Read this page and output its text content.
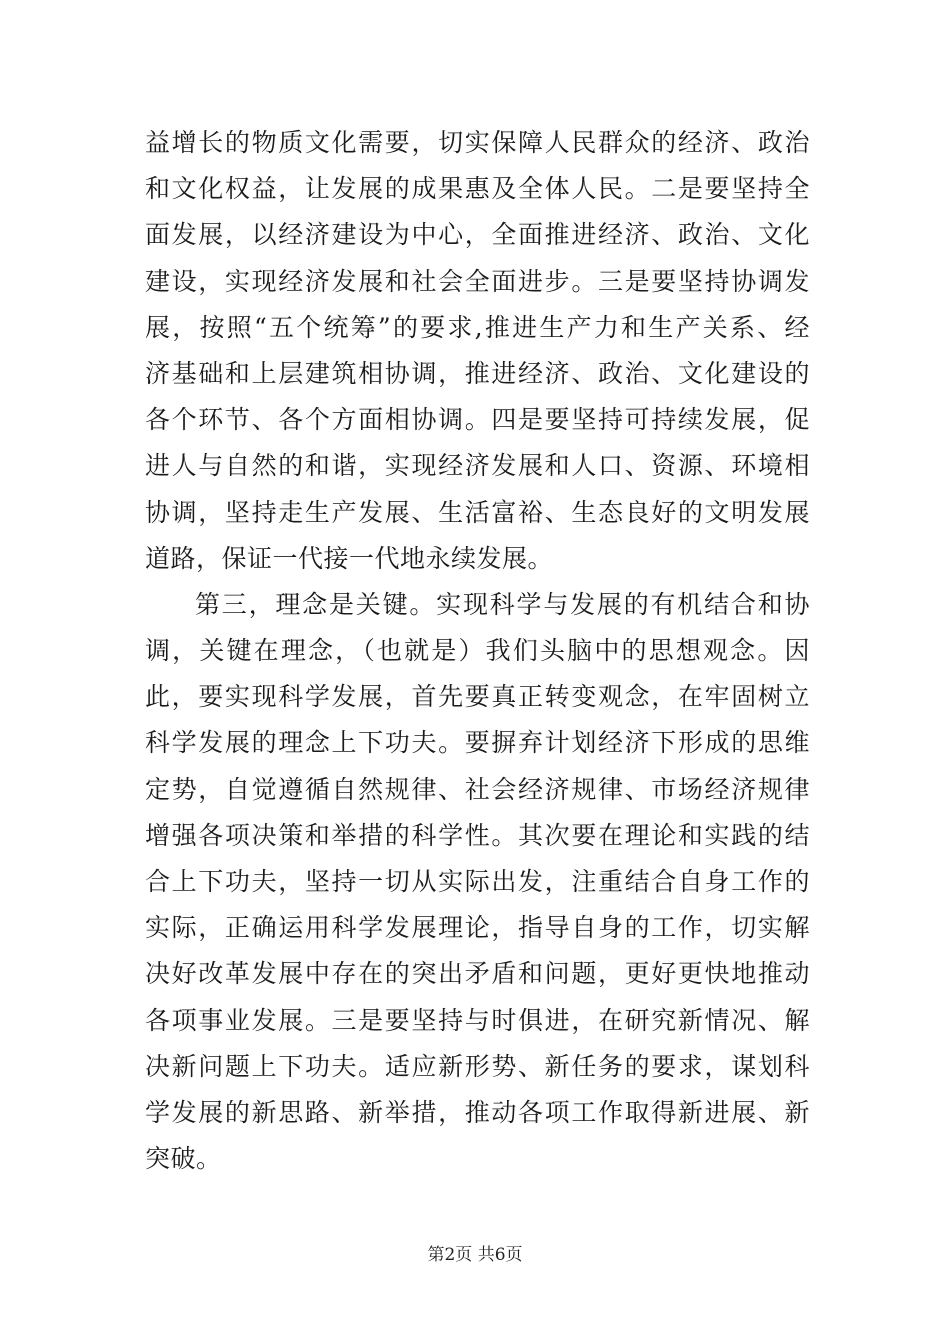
益增长的物质文化需要，切实保障人民群众的经济、政治
和文化权益，让发展的成果惠及全体人民。二是要坚持全
面发展，以经济建设为中心，全面推进经济、政治、文化
建设，实现经济发展和社会全面进步。三是要坚持协调发
展，按照“五个统筹”的要求,推进生产力和生产关系、经
济基础和上层建筑相协调，推进经济、政治、文化建设的
各个环节、各个方面相协调。四是要坚持可持续发展，促
进人与自然的和谐，实现经济发展和人口、资源、环境相
协调，坚持走生产发展、生活富裕、生态良好的文明发展
道路，保证一代接一代地永续发展。
第三，理念是关键。实现科学与发展的有机结合和协
调，关键在理念，（也就是）我们头脑中的思想观念。因
此，要实现科学发展，首先要真正转变观念，在牢固树立
科学发展的理念上下功夫。要摒弃计划经济下形成的思维
定势，自觉遵循自然规律、社会经济规律、市场经济规律
增强各项决策和举措的科学性。其次要在理论和实践的结
合上下功夫，坚持一切从实际出发，注重结合自身工作的
实际，正确运用科学发展理论，指导自身的工作，切实解
决好改革发展中存在的突出矛盾和问题，更好更快地推动
各项事业发展。三是要坚持与时俱进，在研究新情况、解
决新问题上下功夫。适应新形势、新任务的要求，谋划科
学发展的新思路、新举措，推动各项工作取得新进展、新
突破。
第2页 共6页
